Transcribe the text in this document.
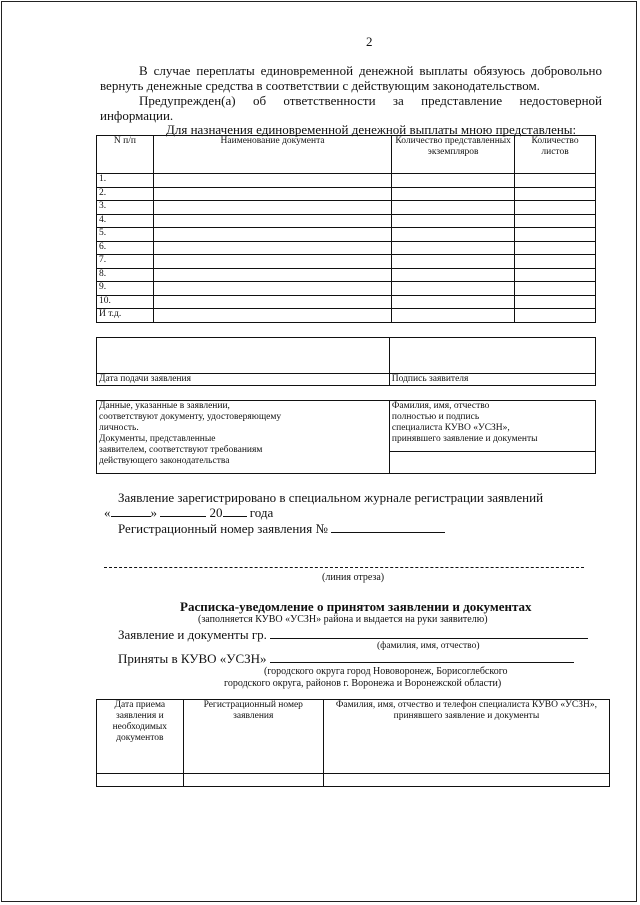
2
В случае переплаты единовременной денежной выплаты обязуюсь добровольно
вернуть денежные средства в соответствии с действующим законодательством.
Предупрежден(а) об ответственности за представление недостоверной
информации.
Для назначения единовременной денежной выплаты мною представлены:
N п/п	Наименование документа	Количество представленных экземпляров	Количество листов
1.			
2.			
3.			
4.			
5.			
6.			
7.			
8.			
9.			
10.			
И т.д.			

Дата подачи заявления	Подпись заявителя
Данные, указанные в заявлении,
соответствуют документу, удостоверяющему
личность.
Документы, представленные
заявителем, соответствуют требованиям
действующего законодательства

Фамилия, имя, отчество
полностью и подпись
специалиста КУВО «УСЗН»,
принявшего заявление и документы

Заявление зарегистрировано в специальном журнале регистрации заявлений
«	»	20 года
Регистрационный номер заявления №
(линия отреза)
Расписка-уведомление о принятом заявлении и документах
(заполняется КУВО «УСЗН» района и выдается на руки заявителю)
Заявление и документы гр.
(фамилия, имя, отчество)
Приняты в КУВО «УСЗН»
(городского округа город Нововоронеж, Борисоглебского
городского округа, районов г. Воронежа и Воронежской области)
Дата приема заявления и необходимых документов	Регистрационный номер заявления	Фамилия, имя, отчество и телефон специалиста КУВО «УСЗН», принявшего заявление и документы
